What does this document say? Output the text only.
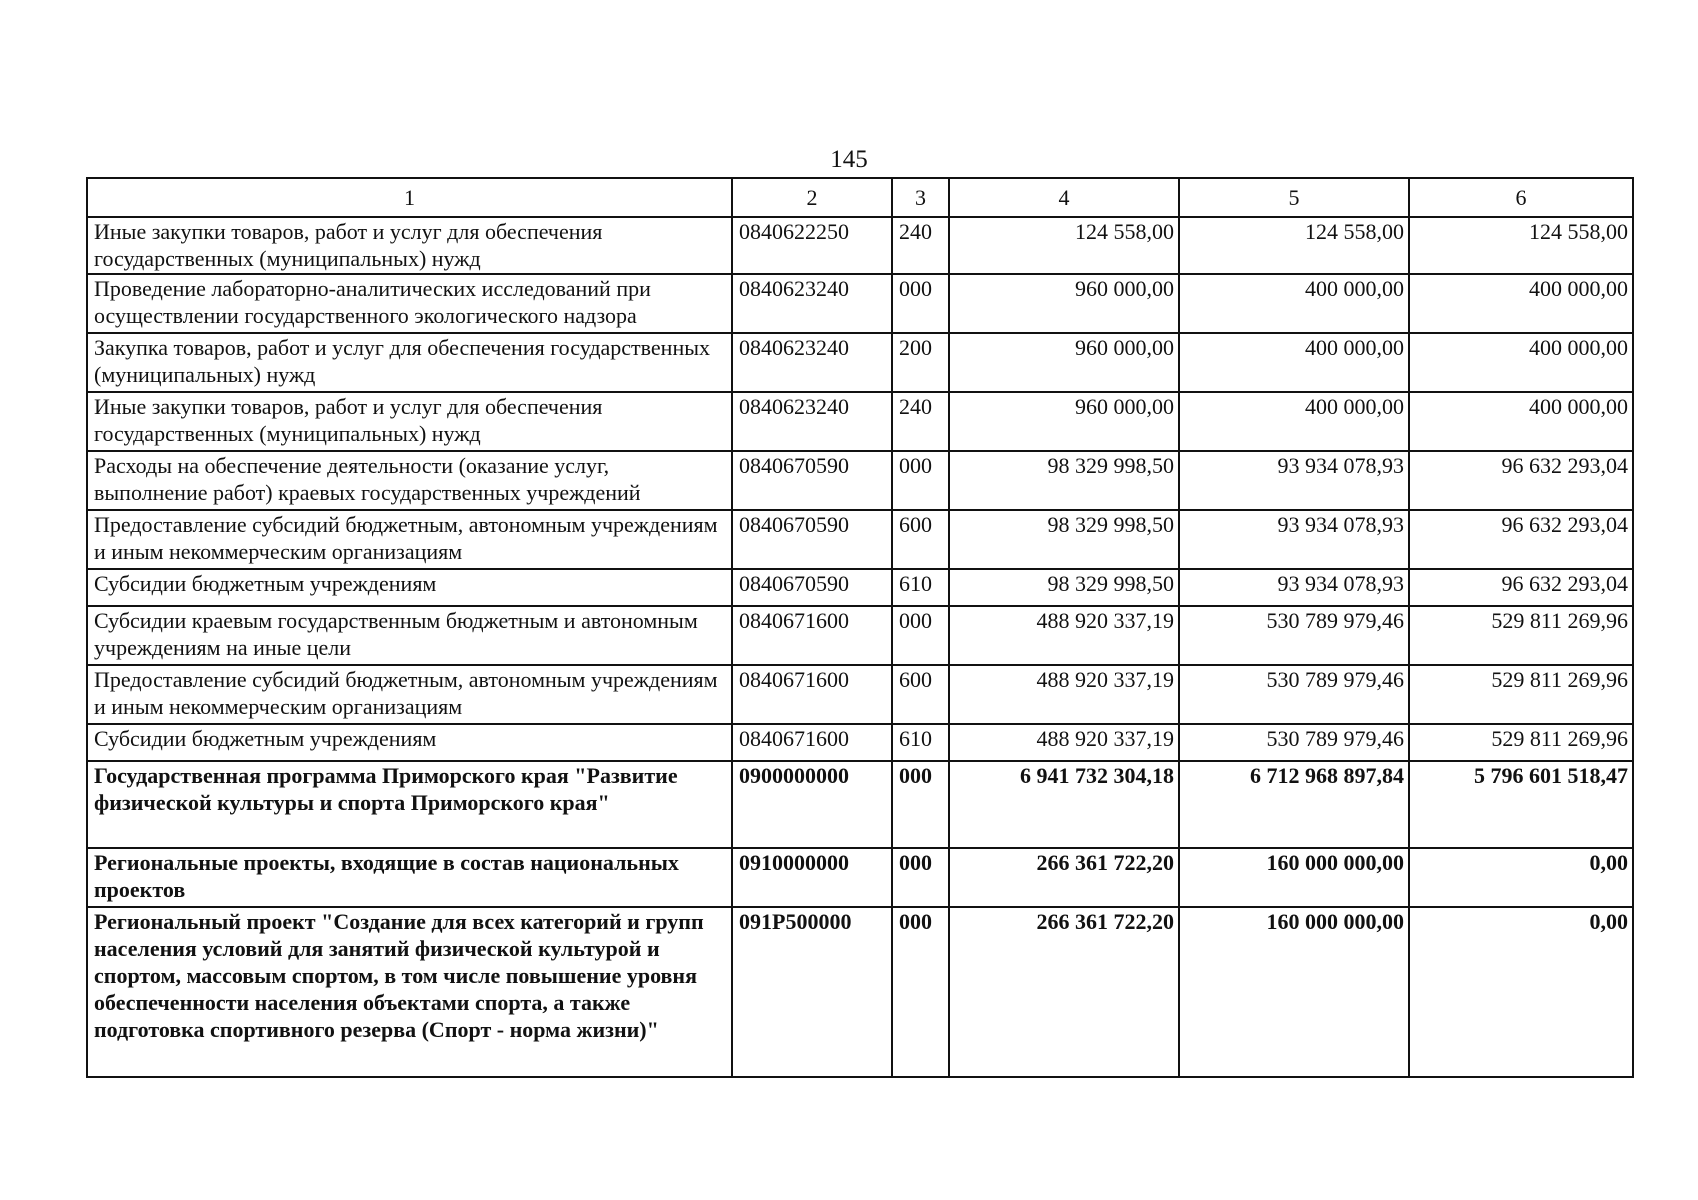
145
1	2	3	4	5	6
Иные закупки товаров, работ и услуг для обеспечения государственных (муниципальных) нужд	0840622250	240	124 558,00	124 558,00	124 558,00
Проведение лабораторно-аналитических исследований при осуществлении государственного экологического надзора	0840623240	000	960 000,00	400 000,00	400 000,00
Закупка товаров, работ и услуг для обеспечения государственных (муниципальных) нужд	0840623240	200	960 000,00	400 000,00	400 000,00
Иные закупки товаров, работ и услуг для обеспечения государственных (муниципальных) нужд	0840623240	240	960 000,00	400 000,00	400 000,00
Расходы на обеспечение деятельности (оказание услуг, выполнение работ) краевых государственных учреждений	0840670590	000	98 329 998,50	93 934 078,93	96 632 293,04
Предоставление субсидий бюджетным, автономным учреждениям и иным некоммерческим организациям	0840670590	600	98 329 998,50	93 934 078,93	96 632 293,04
Субсидии бюджетным учреждениям	0840670590	610	98 329 998,50	93 934 078,93	96 632 293,04
Субсидии краевым государственным бюджетным и автономным учреждениям на иные цели	0840671600	000	488 920 337,19	530 789 979,46	529 811 269,96
Предоставление субсидий бюджетным, автономным учреждениям и иным некоммерческим организациям	0840671600	600	488 920 337,19	530 789 979,46	529 811 269,96
Субсидии бюджетным учреждениям	0840671600	610	488 920 337,19	530 789 979,46	529 811 269,96
Государственная программа Приморского края "Развитие физической культуры и спорта Приморского края"	0900000000	000	6 941 732 304,18	6 712 968 897,84	5 796 601 518,47
Региональные проекты, входящие в состав национальных проектов	0910000000	000	266 361 722,20	160 000 000,00	0,00
Региональный проект "Создание для всех категорий и групп населения условий для занятий физической культурой и спортом, массовым спортом, в том числе повышение уровня обеспеченности населения объектами спорта, а также подготовка спортивного резерва (Спорт - норма жизни)"	091P500000	000	266 361 722,20	160 000 000,00	0,00
